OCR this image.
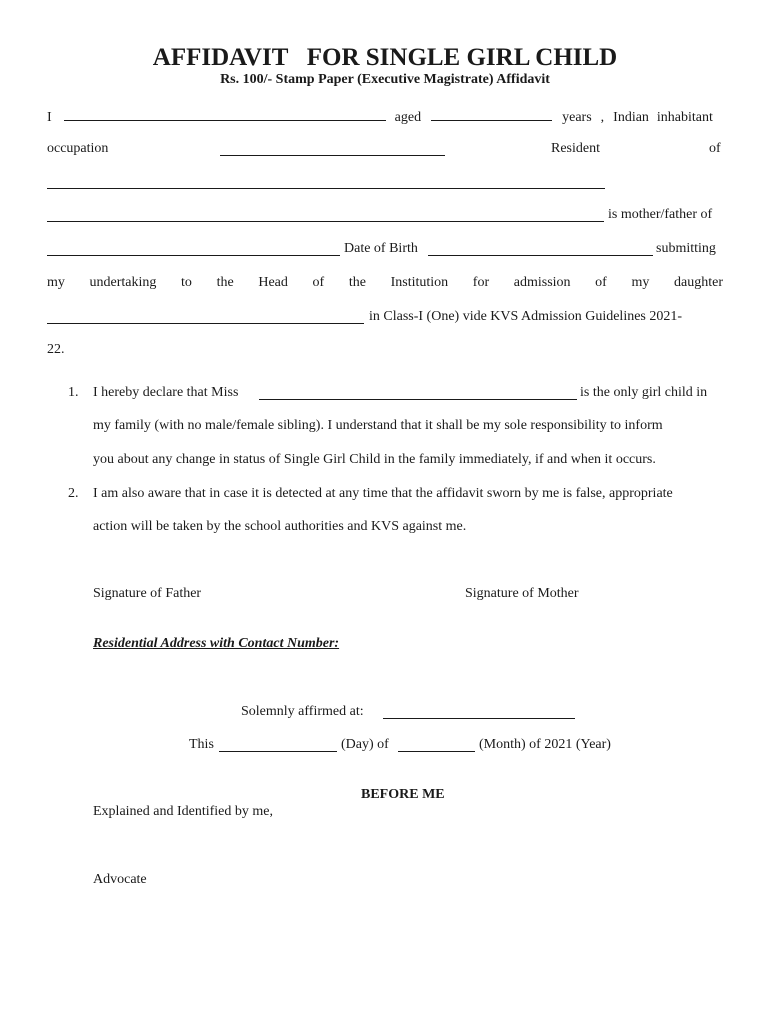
AFFIDAVIT   FOR SINGLE GIRL CHILD
Rs. 100/- Stamp Paper (Executive Magistrate) Affidavit
I	aged	years , Indian inhabitant
occupation	Resident	of
is mother/father of
Date of Birth	submitting
my undertaking to the Head of the Institution for admission of my daughter
in Class-I (One) vide KVS Admission Guidelines 2021-
22.
1. I hereby declare that Miss	is the only girl child in
my family (with no male/female sibling). I understand that it shall be my sole responsibility to inform
you about any change in status of Single Girl Child in the family immediately, if and when it occurs.
2. I am also aware that in case it is detected at any time that the affidavit sworn by me is false, appropriate
action will be taken by the school authorities and KVS against me.
Signature of Father	Signature of Mother
Residential Address with Contact Number:
Solemnly affirmed at:
This	(Day) of	(Month) of 2021 (Year)
BEFORE ME
Explained and Identified by me,
Advocate
